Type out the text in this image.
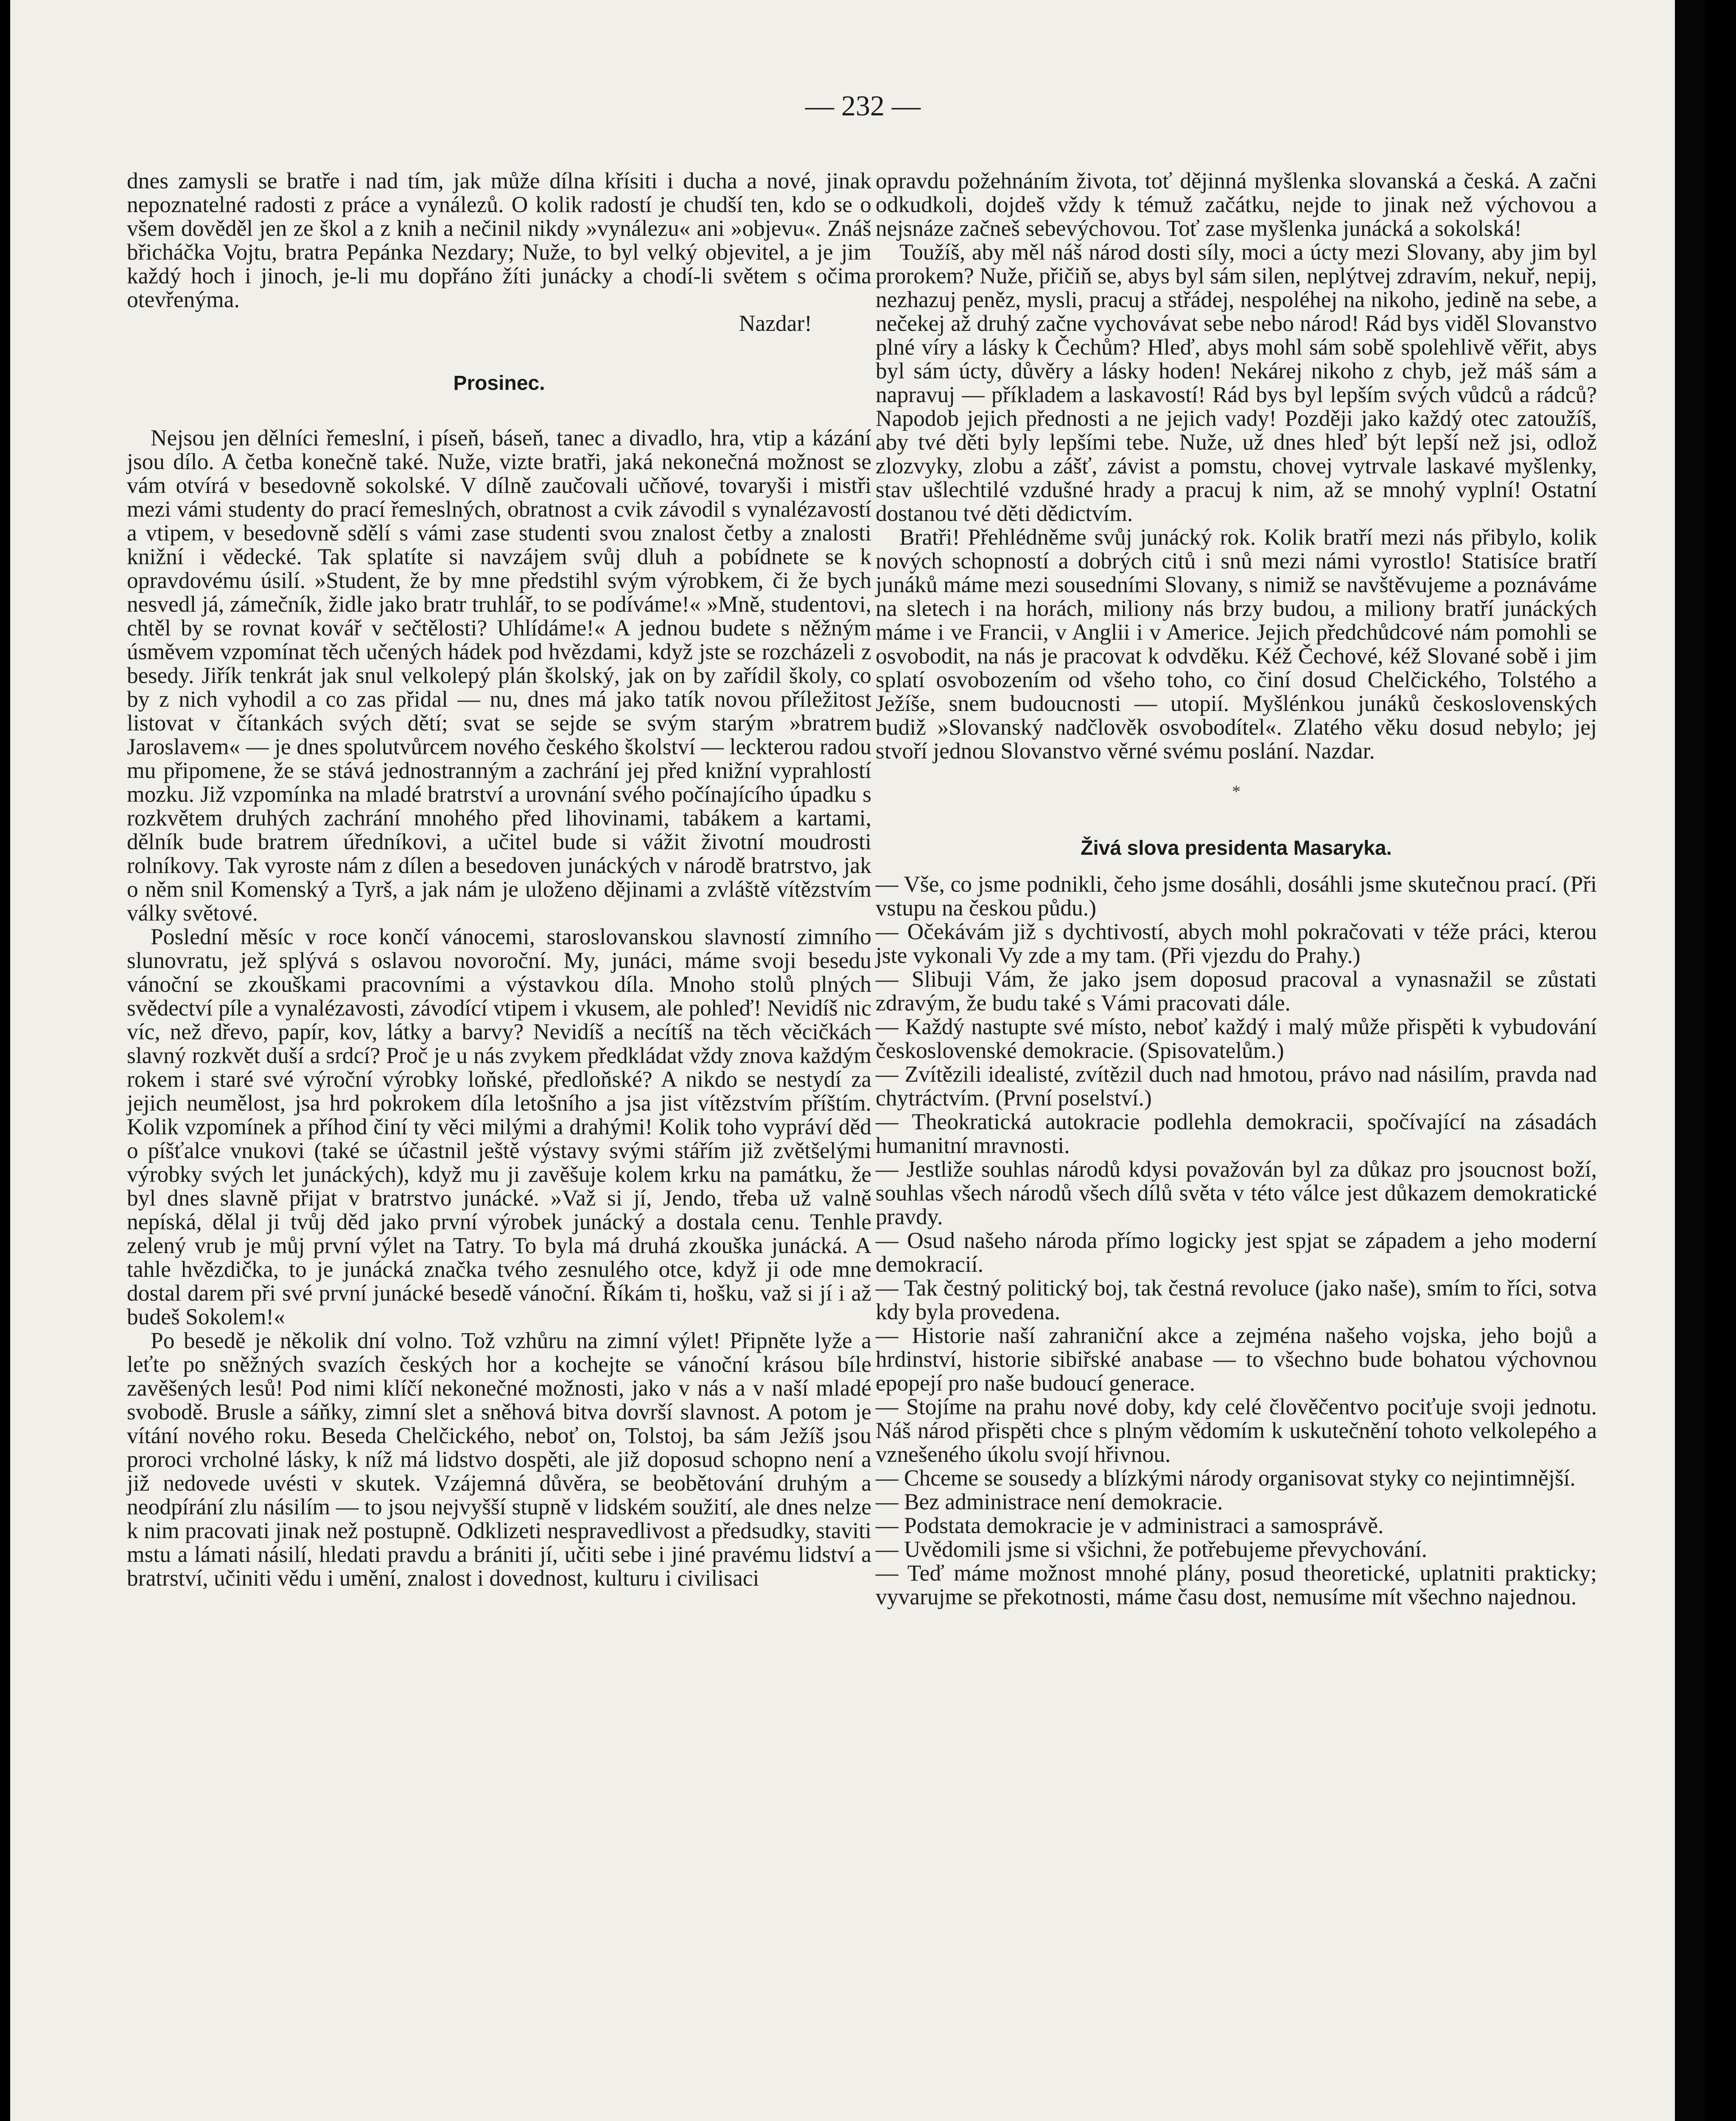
— 232 —

dnes zamysli se bratře i nad tím, jak může dílna křísiti i ducha a nové, jinak nepoznatelné radosti z práce a vynálezů. O kolik radostí je chudší ten, kdo se o všem dověděl jen ze škol a z knih a nečinil nikdy »vynálezu« ani »objevu«. Znáš břicháčka Vojtu, bratra Pepánka Nezdary; Nuže, to byl velký objevitel, a je jim každý hoch i jinoch, je-li mu dopřáno žíti junácky a chodí-li světem s očima otevřenýma.

Nazdar!

Prosinec.

Nejsou jen dělníci řemeslní, i píseň, báseň, tanec a divadlo, hra, vtip a kázání jsou dílo. A četba konečně také. Nuže, vizte bratři, jaká nekonečná možnost se vám otvírá v besedovně sokolské. V dílně zaučovali učňové, tovaryši i mistři mezi vámi studenty do prací řemeslných, obratnost a cvik závodil s vynalézavostí a vtipem, v besedovně sdělí s vámi zase studenti svou znalost četby a znalosti knižní i vědecké. Tak splatíte si navzájem svůj dluh a pobídnete se k opravdovému úsilí. »Student, že by mne předstihl svým výrobkem, či že bych nesvedl já, zámečník, židle jako bratr truhlář, to se podíváme!« »Mně, studentovi, chtěl by se rovnat kovář v sečtělosti? Uhlídáme!« A jednou budete s něžným úsměvem vzpomínat těch učených hádek pod hvězdami, když jste se rozcházeli z besedy. Jiřík tenkrát jak snul velkolepý plán školský, jak on by zařídil školy, co by z nich vyhodil a co zas přidal — nu, dnes má jako tatík novou příležitost listovat v čítankách svých dětí; svat se sejde se svým starým »bratrem Jaroslavem« — je dnes spolutvůrcem nového českého školství — leckterou radou mu připomene, že se stává jednostranným a zachrání jej před knižní vyprahlostí mozku. Již vzpomínka na mladé bratrství a urovnání svého počínajícího úpadku s rozkvětem druhých zachrání mnohého před lihovinami, tabákem a kartami, dělník bude bratrem úředníkovi, a učitel bude si vážit životní moudrosti rolníkovy. Tak vyroste nám z dílen a besedoven junáckých v národě bratrstvo, jak o něm snil Komenský a Tyrš, a jak nám je uloženo dějinami a zvláště vítězstvím války světové.

Poslední měsíc v roce končí vánocemi, staroslovanskou slavností zimního slunovratu, jež splývá s oslavou novoroční. My, junáci, máme svoji besedu vánoční se zkouškami pracovními a výstavkou díla. Mnoho stolů plných svědectví píle a vynalézavosti, závodící vtipem i vkusem, ale pohleď! Nevidíš nic víc, než dřevo, papír, kov, látky a barvy? Nevidíš a necítíš na těch věcičkách slavný rozkvět duší a srdcí? Proč je u nás zvykem předkládat vždy znova každým rokem i staré své výroční výrobky loňské, předloňské? A nikdo se nestydí za jejich neumělost, jsa hrd pokrokem díla letošního a jsa jist vítězstvím příštím. Kolik vzpomínek a příhod činí ty věci milými a drahými! Kolik toho vypráví děd o píšťalce vnukovi (také se účastnil ještě výstavy svými stářím již zvětšelými výrobky svých let junáckých), když mu ji zavěšuje kolem krku na památku, že byl dnes slavně přijat v bratrstvo junácké. »Važ si jí, Jendo, třeba už valně nepíská, dělal ji tvůj děd jako první výrobek junácký a dostala cenu. Tenhle zelený vrub je můj první výlet na Tatry. To byla má druhá zkouška junácká. A tahle hvězdička, to je junácká značka tvého zesnulého otce, když ji ode mne dostal darem při své první junácké besedě vánoční. Říkám ti, hošku, važ si jí i až budeš Sokolem!«

Po besedě je několik dní volno. Tož vzhůru na zimní výlet! Připněte lyže a leťte po sněžných svazích českých hor a kochejte se vánoční krásou bíle zavěšených lesů! Pod nimi klíčí nekonečné možnosti, jako v nás a v naší mladé svobodě. Brusle a sáňky, zimní slet a sněhová bitva dovrší slavnost. A potom je vítání nového roku. Beseda Chelčického, neboť on, Tolstoj, ba sám Ježíš jsou proroci vrcholné lásky, k níž má lidstvo dospěti, ale již doposud schopno není a již nedovede uvésti v skutek. Vzájemná důvěra, se beobětování druhým a neodpírání zlu násilím — to jsou nejvyšší stupně v lidském soužití, ale dnes nelze k nim pracovati jinak než postupně. Odklizeti nespravedlivost a předsudky, staviti mstu a lámati násilí, hledati pravdu a brániti jí, učiti sebe i jiné pravému lidství a bratrství, učiniti vědu i umění, znalost i dovednost, kulturu i civilisaci

opravdu požehnáním života, toť dějinná myšlenka slovanská a česká. A začni odkudkoli, dojdeš vždy k témuž začátku, nejde to jinak než výchovou a nejsnáze začneš sebevýchovou. Toť zase myšlenka junácká a sokolská!

Toužíš, aby měl náš národ dosti síly, moci a úcty mezi Slovany, aby jim byl prorokem? Nuže, přičiň se, abys byl sám silen, neplýtvej zdravím, nekuř, nepij, nezhazuj peněz, mysli, pracuj a střádej, nespoléhej na nikoho, jedině na sebe, a nečekej až druhý začne vychovávat sebe nebo národ! Rád bys viděl Slovanstvo plné víry a lásky k Čechům? Hleď, abys mohl sám sobě spolehlivě věřit, abys byl sám úcty, důvěry a lásky hoden! Nekárej nikoho z chyb, jež máš sám a napravuj — příkladem a laskavostí! Rád bys byl lepším svých vůdců a rádců? Napodob jejich přednosti a ne jejich vady! Později jako každý otec zatoužíš, aby tvé děti byly lepšími tebe. Nuže, už dnes hleď být lepší než jsi, odlož zlozvyky, zlobu a zášť, závist a pomstu, chovej vytrvale laskavé myšlenky, stav ušlechtilé vzdušné hrady a pracuj k nim, až se mnohý vyplní! Ostatní dostanou tvé děti dědictvím.

Bratři! Přehlédněme svůj junácký rok. Kolik bratří mezi nás přibylo, kolik nových schopností a dobrých citů i snů mezi námi vyrostlo! Statisíce bratří junáků máme mezi sousedními Slovany, s nimiž se navštěvujeme a poznáváme na sletech i na horách, miliony nás brzy budou, a miliony bratří junáckých máme i ve Francii, v Anglii i v Americe. Jejich předchůdcové nám pomohli se osvobodit, na nás je pracovat k odvděku. Kéž Čechové, kéž Slované sobě i jim splatí osvobozením od všeho toho, co činí dosud Chelčického, Tolstého a Ježíše, snem budoucnosti — utopií. Myšlénkou junáků československých budiž »Slovanský nadčlověk osvobodítel«. Zlatého věku dosud nebylo; jej stvoří jednou Slovanstvo věrné svému poslání. Nazdar.

*
Živá slova presidenta Masaryka.

— Vše, co jsme podnikli, čeho jsme dosáhli, dosáhli jsme skutečnou prací. (Při vstupu na českou půdu.)

— Očekávám již s dychtivostí, abych mohl pokračovati v téže práci, kterou jste vykonali Vy zde a my tam. (Při vjezdu do Prahy.)

— Slibuji Vám, že jako jsem doposud pracoval a vynasnažil se zůstati zdravým, že budu také s Vámi pracovati dále.

— Každý nastupte své místo, neboť každý i malý může přispěti k vybudování československé demokracie. (Spisovatelům.)

— Zvítězili idealisté, zvítězil duch nad hmotou, právo nad násilím, pravda nad chytráctvím. (První poselství.)

— Theokratická autokracie podlehla demokracii, spočívající na zásadách humanitní mravnosti.

— Jestliže souhlas národů kdysi považován byl za důkaz pro jsoucnost boží, souhlas všech národů všech dílů světa v této válce jest důkazem demokratické pravdy.

— Osud našeho národa přímo logicky jest spjat se západem a jeho moderní demokracií.

— Tak čestný politický boj, tak čestná revoluce (jako naše), smím to říci, sotva kdy byla provedena.

— Historie naší zahraniční akce a zejména našeho vojska, jeho bojů a hrdinství, historie sibiřské anabase — to všechno bude bohatou výchovnou epopejí pro naše budoucí generace.

— Stojíme na prahu nové doby, kdy celé člověčentvo pociťuje svoji jednotu. Náš národ přispěti chce s plným vědomím k uskutečnění tohoto velkolepého a vznešeného úkolu svojí hřivnou.

— Chceme se sousedy a blízkými národy organisovat styky co nejintimnější.

— Bez administrace není demokracie.

— Podstata demokracie je v administraci a samosprávě.

— Uvědomili jsme si všichni, že potřebujeme převychování.

— Teď máme možnost mnohé plány, posud theoretické, uplatniti prakticky; vyvarujme se překotnosti, máme času dost, nemusíme mít všechno najednou.
